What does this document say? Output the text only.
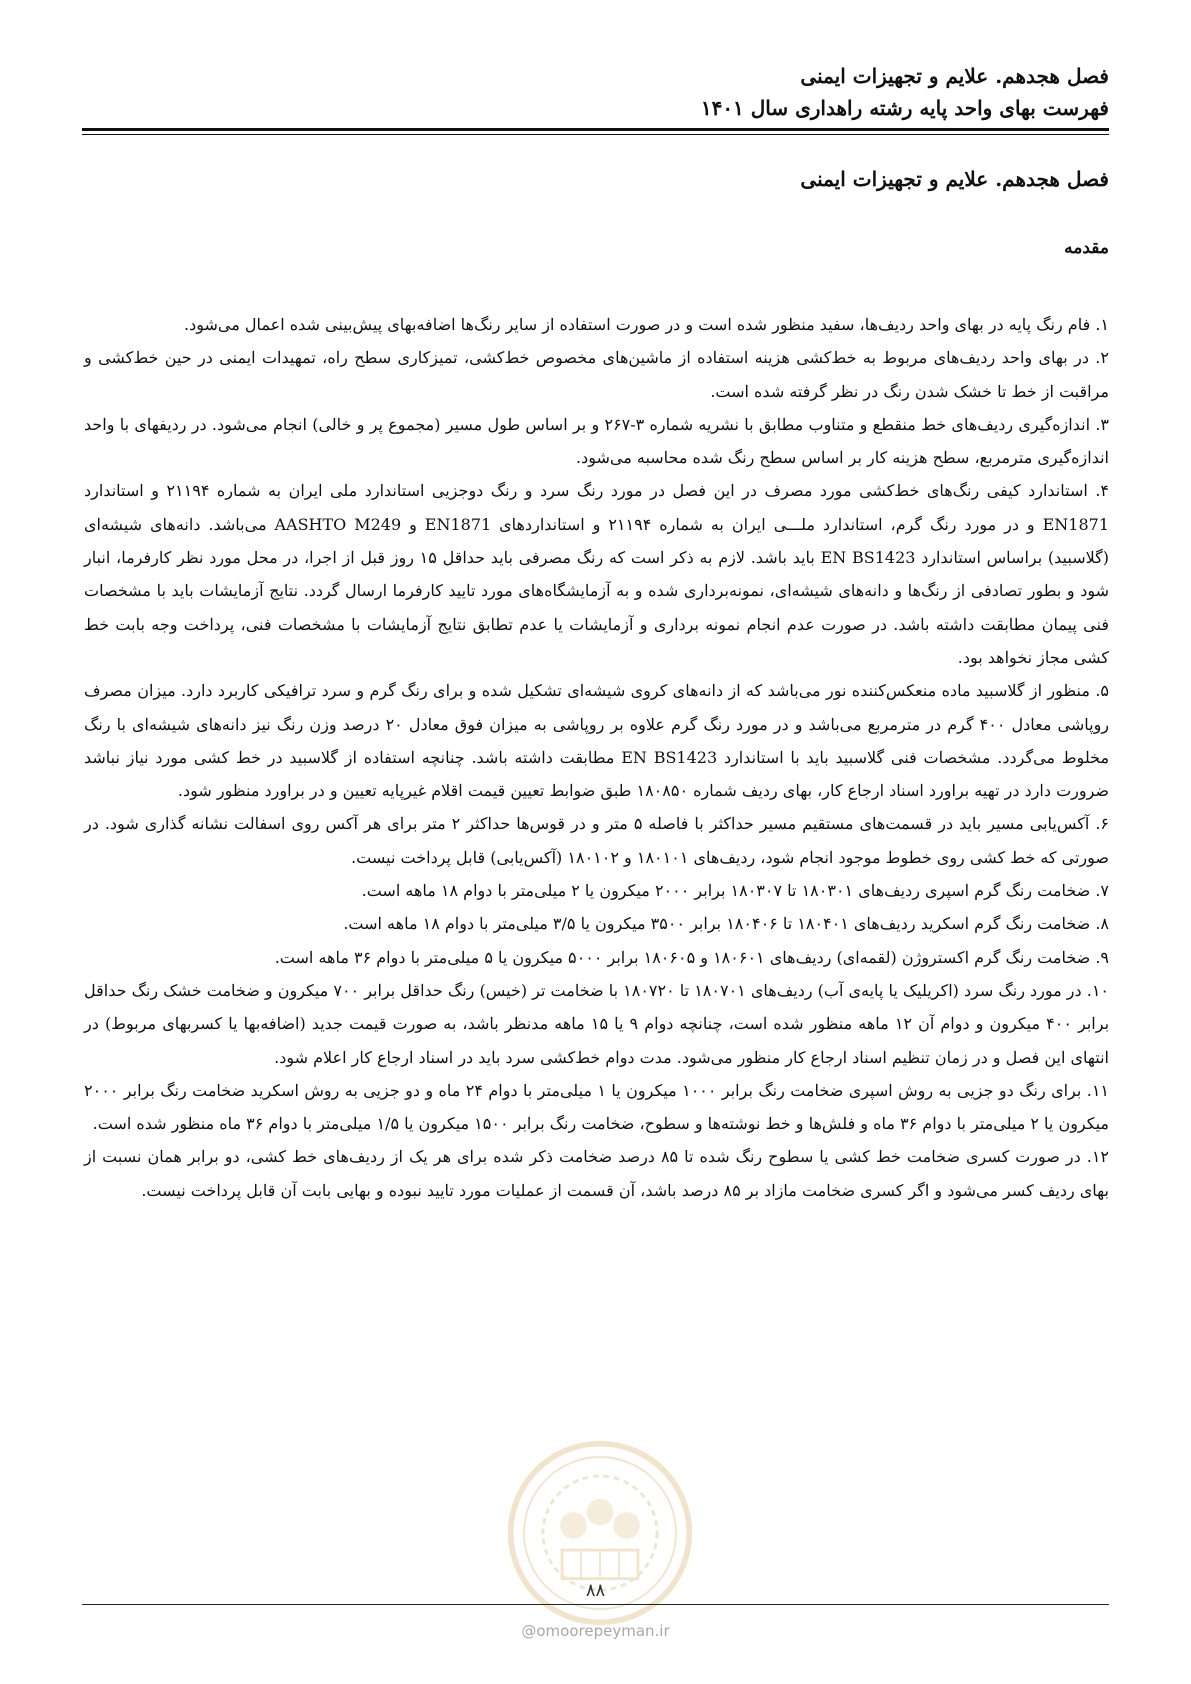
فصل هجدهم. علایم و تجهیزات ایمنی
فهرست بهای واحد پایه رشته راهداری سال ۱۴۰۱
فصل هجدهم. علایم و تجهیزات ایمنی
مقدمه

۱. فام رنگ پایه در بهای واحد ردیف‌ها، سفید منظور شده است و در صورت استفاده از سایر رنگ‌ها اضافه‌بهای پیش‌بینی شده اعمال می‌شود.

۲. در بهای واحد ردیف‌های مربوط به خط‌کشی هزینه استفاده از ماشین‌های مخصوص خط‌کشی، تمیزکاری سطح راه، تمهیدات ایمنی در حین خط‌کشی و مراقبت از خط تا خشک شدن رنگ در نظر گرفته شده است.

۳. اندازه‌گیری ردیف‌های خط منقطع و متناوب مطابق با نشریه شماره ۳-۲۶۷ و بر اساس طول مسیر (مجموع پر و خالی) انجام می‌شود. در ردیفهای با واحد اندازه‌گیری مترمربع، سطح هزینه کار بر اساس سطح رنگ شده محاسبه می‌شود.

۴. استاندارد کیفی رنگ‌های خط‌کشی مورد مصرف در این فصل در مورد رنگ سرد و رنگ دوجزیی استاندارد ملی ایران به شماره ۲۱۱۹۴ و استاندارد EN1871 و در مورد رنگ گرم، استاندارد ملـــی ایران به شماره ۲۱۱۹۴ و استانداردهای EN1871 و AASHTO M249 می‌باشد. دانه‌های شیشه‌ای (گلاسبید) براساس استاندارد EN BS1423 باید باشد. لازم به ذکر است که رنگ مصرفی باید حداقل ۱۵ روز قبل از اجرا، در محل مورد نظر کارفرما، انبار شود و بطور تصادفی از رنگ‌ها و دانه‌های شیشه‌ای، نمونه‌برداری شده و به آزمایشگاه‌های مورد تایید کارفرما ارسال گردد. نتایج آزمایشات باید با مشخصات فنی پیمان مطابقت داشته باشد. در صورت عدم انجام نمونه برداری و آزمایشات یا عدم تطابق نتایج آزمایشات با مشخصات فنی، پرداخت وجه بابت خط کشی مجاز نخواهد بود.

۵. منظور از گلاسبید ماده منعکس‌کننده نور می‌باشد که از دانه‌های کروی شیشه‌ای تشکیل شده و برای رنگ گرم و سرد ترافیکی کاربرد دارد. میزان مصرف روپاشی معادل ۴۰۰ گرم در مترمربع می‌باشد و در مورد رنگ گرم علاوه بر روپاشی به میزان فوق معادل ۲۰ درصد وزن رنگ نیز دانه‌های شیشه‌ای با رنگ مخلوط می‌گردد. مشخصات فنی گلاسبید باید با استاندارد EN BS1423 مطابقت داشته باشد. چنانچه استفاده از گلاسبید در خط کشی مورد نیاز نباشد ضرورت دارد در تهیه براورد اسناد ارجاع کار، بهای ردیف شماره ۱۸۰۸۵۰ طبق ضوابط تعیین قیمت اقلام غیرپایه تعیین و در براورد منظور شود.

۶. آکس‌یابی مسیر باید در قسمت‌های مستقیم مسیر حداکثر با فاصله ۵ متر و در قوس‌ها حداکثر ۲ متر برای هر آکس روی اسفالت نشانه گذاری شود. در صورتی که خط کشی روی خطوط موجود انجام شود، ردیف‌های ۱۸۰۱۰۱ و ۱۸۰۱۰۲ (آکس‌یابی) قابل پرداخت نیست.

۷. ضخامت رنگ گرم اسپری ردیف‌های ۱۸۰۳۰۱ تا ۱۸۰۳۰۷ برابر ۲۰۰۰ میکرون یا ۲ میلی‌متر با دوام ۱۸ ماهه است.

۸. ضخامت رنگ گرم اسکرید ردیف‌های ۱۸۰۴۰۱ تا ۱۸۰۴۰۶ برابر ۳۵۰۰ میکرون یا ۳/۵ میلی‌متر با دوام ۱۸ ماهه است.

۹. ضخامت رنگ گرم اکستروژن (لقمه‌ای) ردیف‌های ۱۸۰۶۰۱ و ۱۸۰۶۰۵ برابر ۵۰۰۰ میکرون یا ۵ میلی‌متر با دوام ۳۶ ماهه است.

۱۰. در مورد رنگ سرد (اکریلیک یا پایه‌ی آب) ردیف‌های ۱۸۰۷۰۱ تا ۱۸۰۷۲۰ با ضخامت تر (خیس) رنگ حداقل برابر ۷۰۰ میکرون و ضخامت خشک رنگ حداقل برابر ۴۰۰ میکرون و دوام آن ۱۲ ماهه منظور شده است، چنانچه دوام ۹ یا ۱۵ ماهه مدنظر باشد، به صورت قیمت جدید (اضافه‌بها یا کسربهای مربوط) در انتهای این فصل و در زمان تنظیم اسناد ارجاع کار منظور می‌شود. مدت دوام خط‌کشی سرد باید در اسناد ارجاع کار اعلام شود.

۱۱. برای رنگ دو جزیی به روش اسپری ضخامت رنگ برابر ۱۰۰۰ میکرون یا ۱ میلی‌متر با دوام ۲۴ ماه و دو جزیی به روش اسکرید ضخامت رنگ برابر ۲۰۰۰ میکرون یا ۲ میلی‌متر با دوام ۳۶ ماه و فلش‌ها و خط نوشته‌ها و سطوح، ضخامت رنگ برابر ۱۵۰۰ میکرون یا ۱/۵ میلی‌متر با دوام ۳۶ ماه منظور شده است.

۱۲. در صورت کسری ضخامت خط کشی یا سطوح رنگ شده تا ۸۵ درصد ضخامت ذکر شده برای هر یک از ردیف‌های خط کشی، دو برابر همان نسبت از بهای ردیف کسر می‌شود و اگر کسری ضخامت مازاد بر ۸۵ درصد باشد، آن قسمت از عملیات مورد تایید نبوده و بهایی بابت آن قابل پرداخت نیست.

۸۸
@omoorepeyman.ir
